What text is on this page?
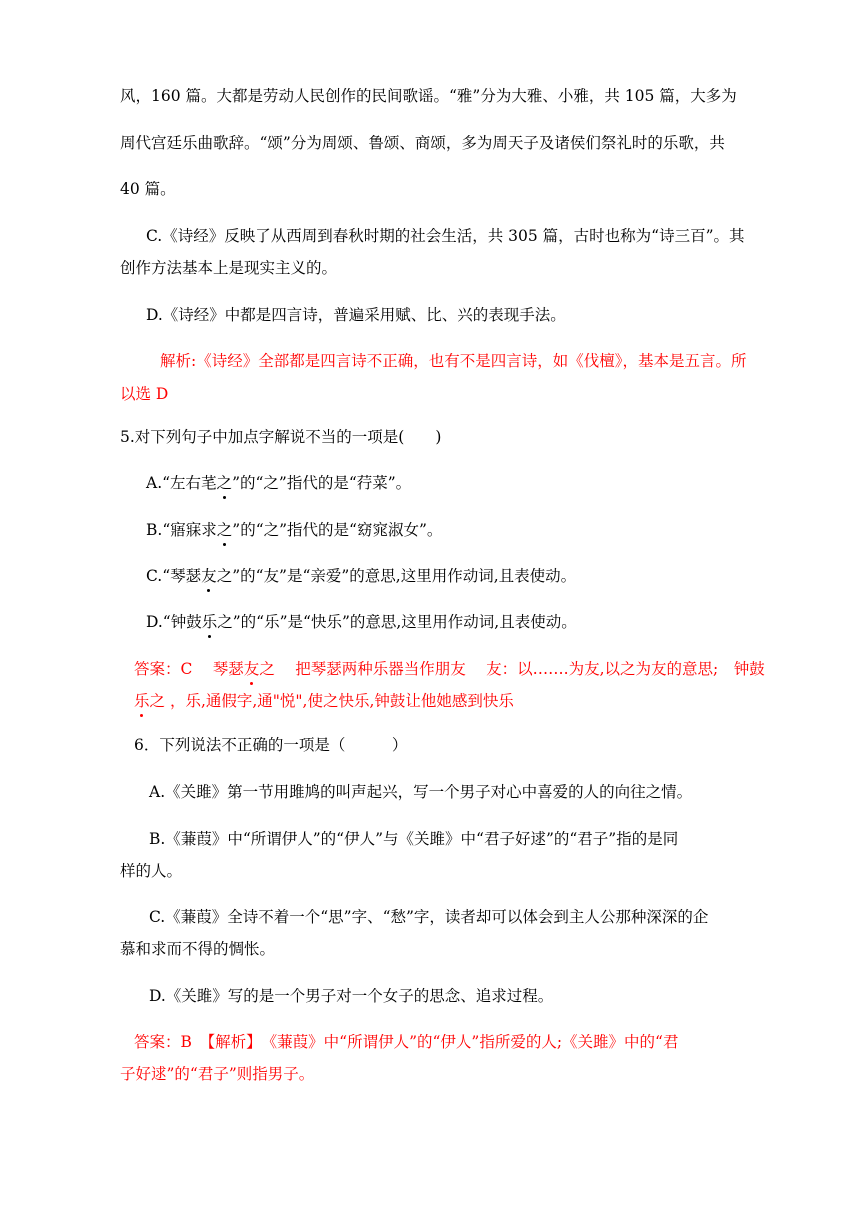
风，160 篇。大都是劳动人民创作的民间歌谣。“雅”分为大雅、小雅，共 105 篇，大多为
周代宫廷乐曲歌辞。“颂”分为周颂、鲁颂、商颂，多为周天子及诸侯们祭礼时的乐歌，共
40 篇。
C.《诗经》反映了从西周到春秋时期的社会生活，共 305 篇，古时也称为“诗三百”。其
创作方法基本上是现实主义的。
D.《诗经》中都是四言诗，普遍采用赋、比、兴的表现手法。
解析:《诗经》全部都是四言诗不正确，也有不是四言诗，如《伐檀》，基本是五言。所
以选 D
5.对下列句子中加点字解说不当的一项是(　　)
A.“左右芼之”的“之”指代的是“荇菜”。
B.“寤寐求之”的“之”指代的是“窈窕淑女”。
C.“琴瑟友之”的“友”是“亲爱”的意思,这里用作动词,且表使动。
D.“钟鼓乐之”的“乐”是“快乐”的意思,这里用作动词,且表使动。
答案：C　 琴瑟友之　 把琴瑟两种乐器当作朋友　 友：以…….为友,以之为友的意思;　钟鼓
乐之 ，乐,通假字,通"悦",使之快乐,钟鼓让他她感到快乐
6．下列说法不正确的一项是（　　　）
A.《关雎》第一节用雎鸠的叫声起兴，写一个男子对心中喜爱的人的向往之情。
B.《蒹葭》中“所谓伊人”的“伊人”与《关雎》中“君子好逑”的“君子”指的是同
样的人。
C.《蒹葭》全诗不着一个“思”字、“愁”字，读者却可以体会到主人公那种深深的企
慕和求而不得的惆怅。
D.《关雎》写的是一个男子对一个女子的思念、追求过程。
答案：B　【解析】　《蒹葭》中“所谓伊人”的“伊人”指所爱的人;《关雎》中的“君
子好逑”的“君子”则指男子。
